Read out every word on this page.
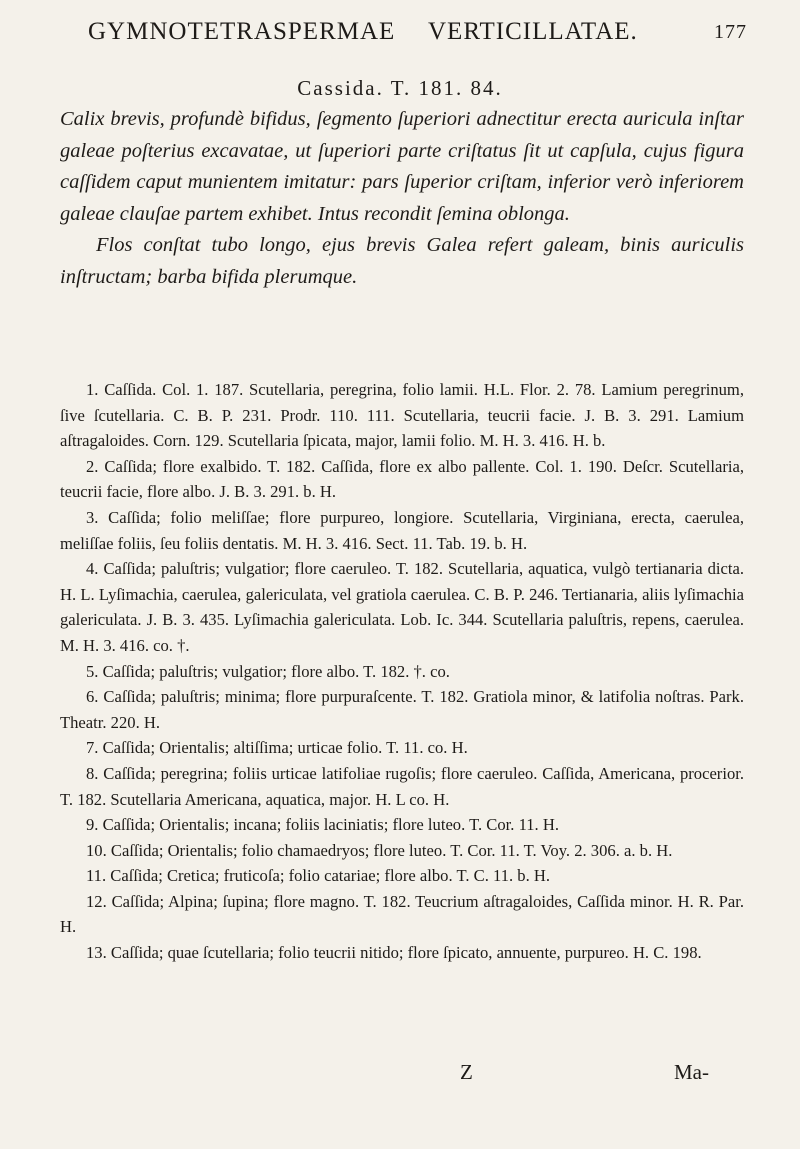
GYMNOTETRASPERMAE VERTICILLATAE.	177
Cassida. T. 181. 84.

Calix brevis, profundè bifidus, ſegmento ſuperiori adnectitur erecta auricula inſtar galeae poſterius excavatae, ut ſuperiori parte criſtatus ſit ut capſula, cujus figura caſſidem caput munientem imitatur: pars ſuperior criſtam, inferior verò inferiorem galeae clauſae partem exhibet. Intus recondit ſemina oblonga.

Flos conſtat tubo longo, ejus brevis Galea refert galeam, binis auriculis inſtructam; barba bifida plerumque.

1. Caſſida. Col. 1. 187. Scutellaria, peregrina, folio lamii. H.L. Flor. 2. 78. Lamium peregrinum, ſive ſcutellaria. C. B. P. 231. Prodr. 110. 111. Scutellaria, teucrii facie. J. B. 3. 291. Lamium aſtragaloides. Corn. 129. Scutellaria ſpicata, major, lamii folio. M. H. 3. 416. H. b.

2. Caſſida; flore exalbido. T. 182. Caſſida, flore ex albo pallente. Col. 1. 190. Deſcr. Scutellaria, teucrii facie, flore albo. J. B. 3. 291. b. H.

3. Caſſida; folio meliſſae; flore purpureo, longiore. Scutellaria, Virginiana, erecta, caerulea, meliſſae foliis, ſeu foliis dentatis. M. H. 3. 416. Sect. 11. Tab. 19. b. H.

4. Caſſida; paluſtris; vulgatior; flore caeruleo. T. 182. Scutellaria, aquatica, vulgò tertianaria dicta. H. L. Lyſimachia, caerulea, galericulata, vel gratiola caerulea. C. B. P. 246. Tertianaria, aliis lyſimachia galericulata. J. B. 3. 435. Lyſimachia galericulata. Lob. Ic. 344. Scutellaria paluſtris, repens, caerulea. M. H. 3. 416. co. †.

5. Caſſida; paluſtris; vulgatior; flore albo. T. 182. †. co.

6. Caſſida; paluſtris; minima; flore purpuraſcente. T. 182. Gratiola minor, & latifolia noſtras. Park. Theatr. 220. H.

7. Caſſida; Orientalis; altiſſima; urticae folio. T. 11. co. H.

8. Caſſida; peregrina; foliis urticae latifoliae rugoſis; flore caeruleo. Caſſida, Americana, procerior. T. 182. Scutellaria Americana, aquatica, major. H. L co. H.

9. Caſſida; Orientalis; incana; foliis laciniatis; flore luteo. T. Cor. 11. H.

10. Caſſida; Orientalis; folio chamaedryos; flore luteo. T. Cor. 11. T. Voy. 2. 306. a. b. H.

11. Caſſida; Cretica; fruticoſa; folio catariae; flore albo. T. C. 11. b. H.

12. Caſſida; Alpina; ſupina; flore magno. T. 182. Teucrium aſtragaloides, Caſſida minor. H. R. Par. H.

13. Caſſida; quae ſcutellaria; folio teucrii nitido; flore ſpicato, annuente, purpureo. H. C. 198.

Z	Ma-
